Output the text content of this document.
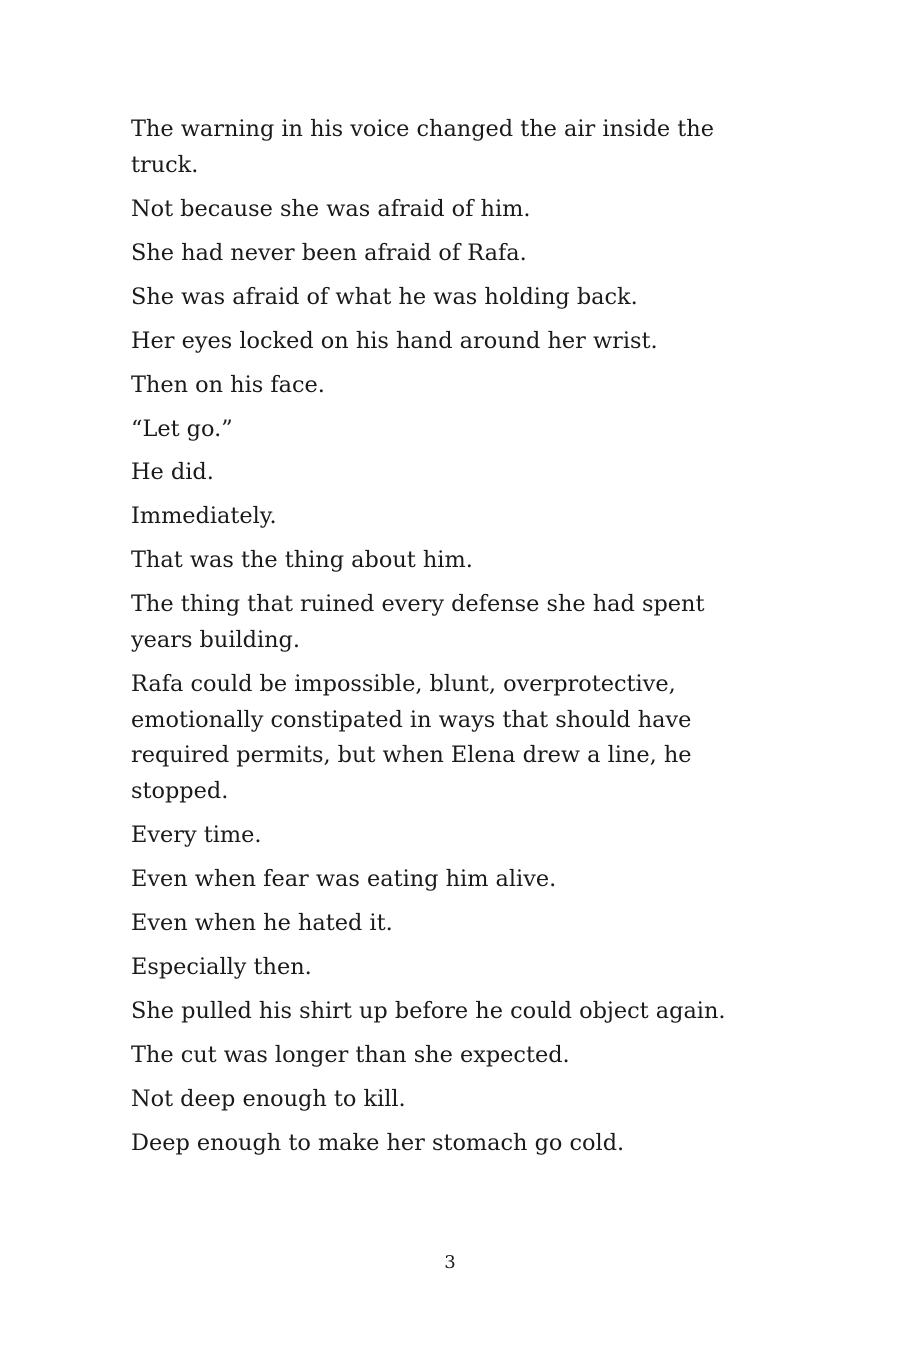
The warning in his voice changed the air inside the truck.

Not because she was afraid of him.

She had never been afraid of Rafa.

She was afraid of what he was holding back.

Her eyes locked on his hand around her wrist.

Then on his face.

“Let go.”

He did.

Immediately.

That was the thing about him.

The thing that ruined every defense she had spent years building.

Rafa could be impossible, blunt, overprotective, emotionally constipated in ways that should have required permits, but when Elena drew a line, he stopped.

Every time.

Even when fear was eating him alive.

Even when he hated it.

Especially then.

She pulled his shirt up before he could object again.

The cut was longer than she expected.

Not deep enough to kill.

Deep enough to make her stomach go cold.

3
